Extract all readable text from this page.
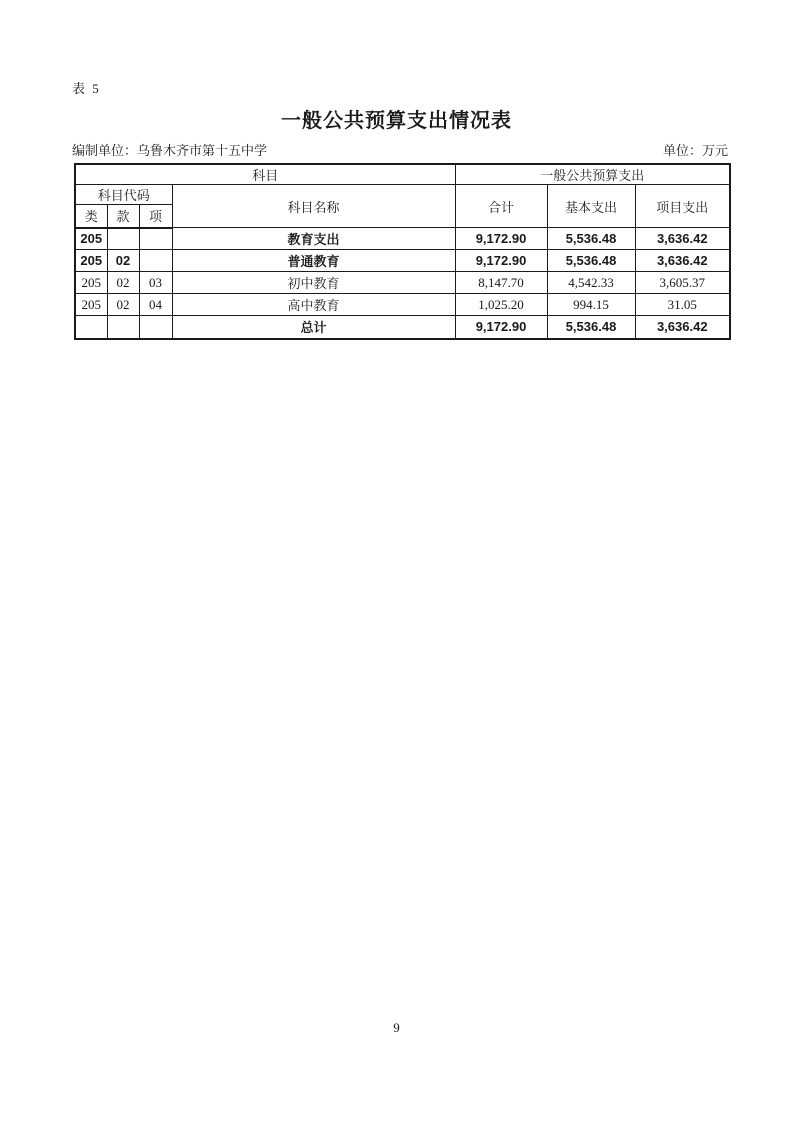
表 5
一般公共预算支出情况表
编制单位：乌鲁木齐市第十五中学	单位：万元
科目				一般公共预算支出		
科目代码			科目名称	合计	基本支出	项目支出
类	款	项				
205			教育支出	9,172.90	5,536.48	3,636.42
205	02		普通教育	9,172.90	5,536.48	3,636.42
205	02	03	初中教育	8,147.70	4,542.33	3,605.37
205	02	04	高中教育	1,025.20	994.15	31.05
			总计	9,172.90	5,536.48	3,636.42
9
